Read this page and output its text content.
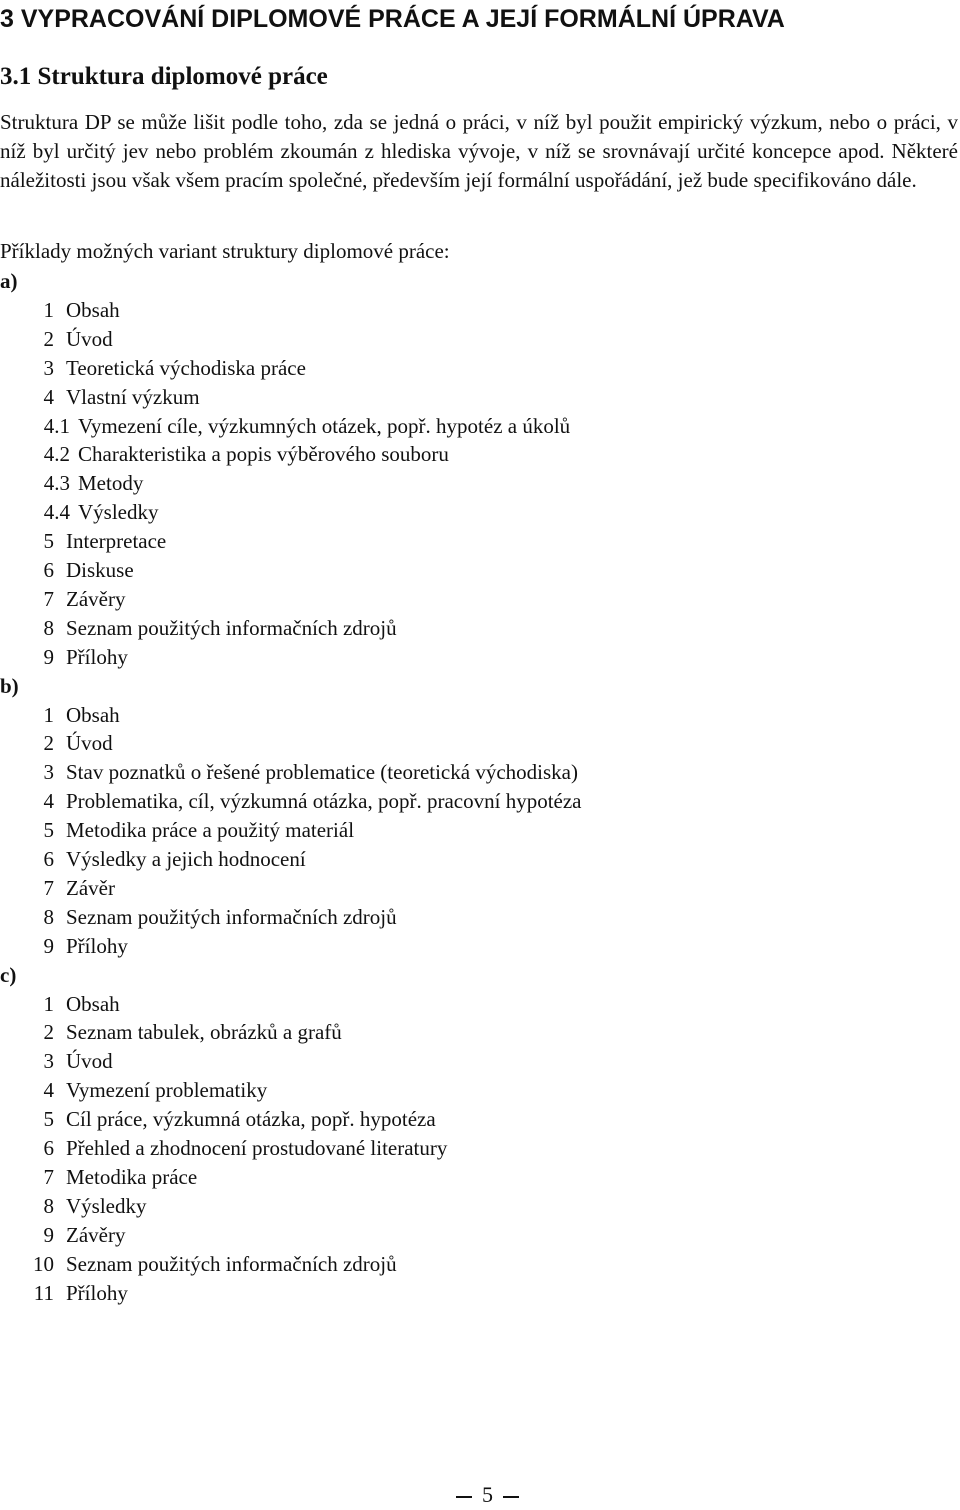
3 VYPRACOVÁNÍ DIPLOMOVÉ PRÁCE A JEJÍ FORMÁLNÍ ÚPRAVA
3.1 Struktura diplomové práce

Struktura DP se může lišit podle toho, zda se jedná o práci, v níž byl použit empirický výzkum, nebo o práci, v níž byl určitý jev nebo problém zkoumán z hlediska vývoje, v níž se srovnávají určité koncepce apod. Některé náležitosti jsou však všem pracím společné, především její formální uspořádání, jež bude specifikováno dále.

Příklady možných variant struktury diplomové práce:

a)
1 Obsah
2 Úvod
3 Teoretická východiska práce
4 Vlastní výzkum
4.1 Vymezení cíle, výzkumných otázek, popř. hypotéz a úkolů
4.2 Charakteristika a popis výběrového souboru
4.3 Metody
4.4 Výsledky
5 Interpretace
6 Diskuse
7 Závěry
8 Seznam použitých informačních zdrojů
9 Přílohy
b)
1 Obsah
2 Úvod
3 Stav poznatků o řešené problematice (teoretická východiska)
4 Problematika, cíl, výzkumná otázka, popř. pracovní hypotéza
5 Metodika práce a použitý materiál
6 Výsledky a jejich hodnocení
7 Závěr
8 Seznam použitých informačních zdrojů
9 Přílohy
c)
1 Obsah
2 Seznam tabulek, obrázků a grafů
3 Úvod
4 Vymezení problematiky
5 Cíl práce, výzkumná otázka, popř. hypotéza
6 Přehled a zhodnocení prostudované literatury
7 Metodika práce
8 Výsledky
9 Závěry
10 Seznam použitých informačních zdrojů
11 Přílohy
5
